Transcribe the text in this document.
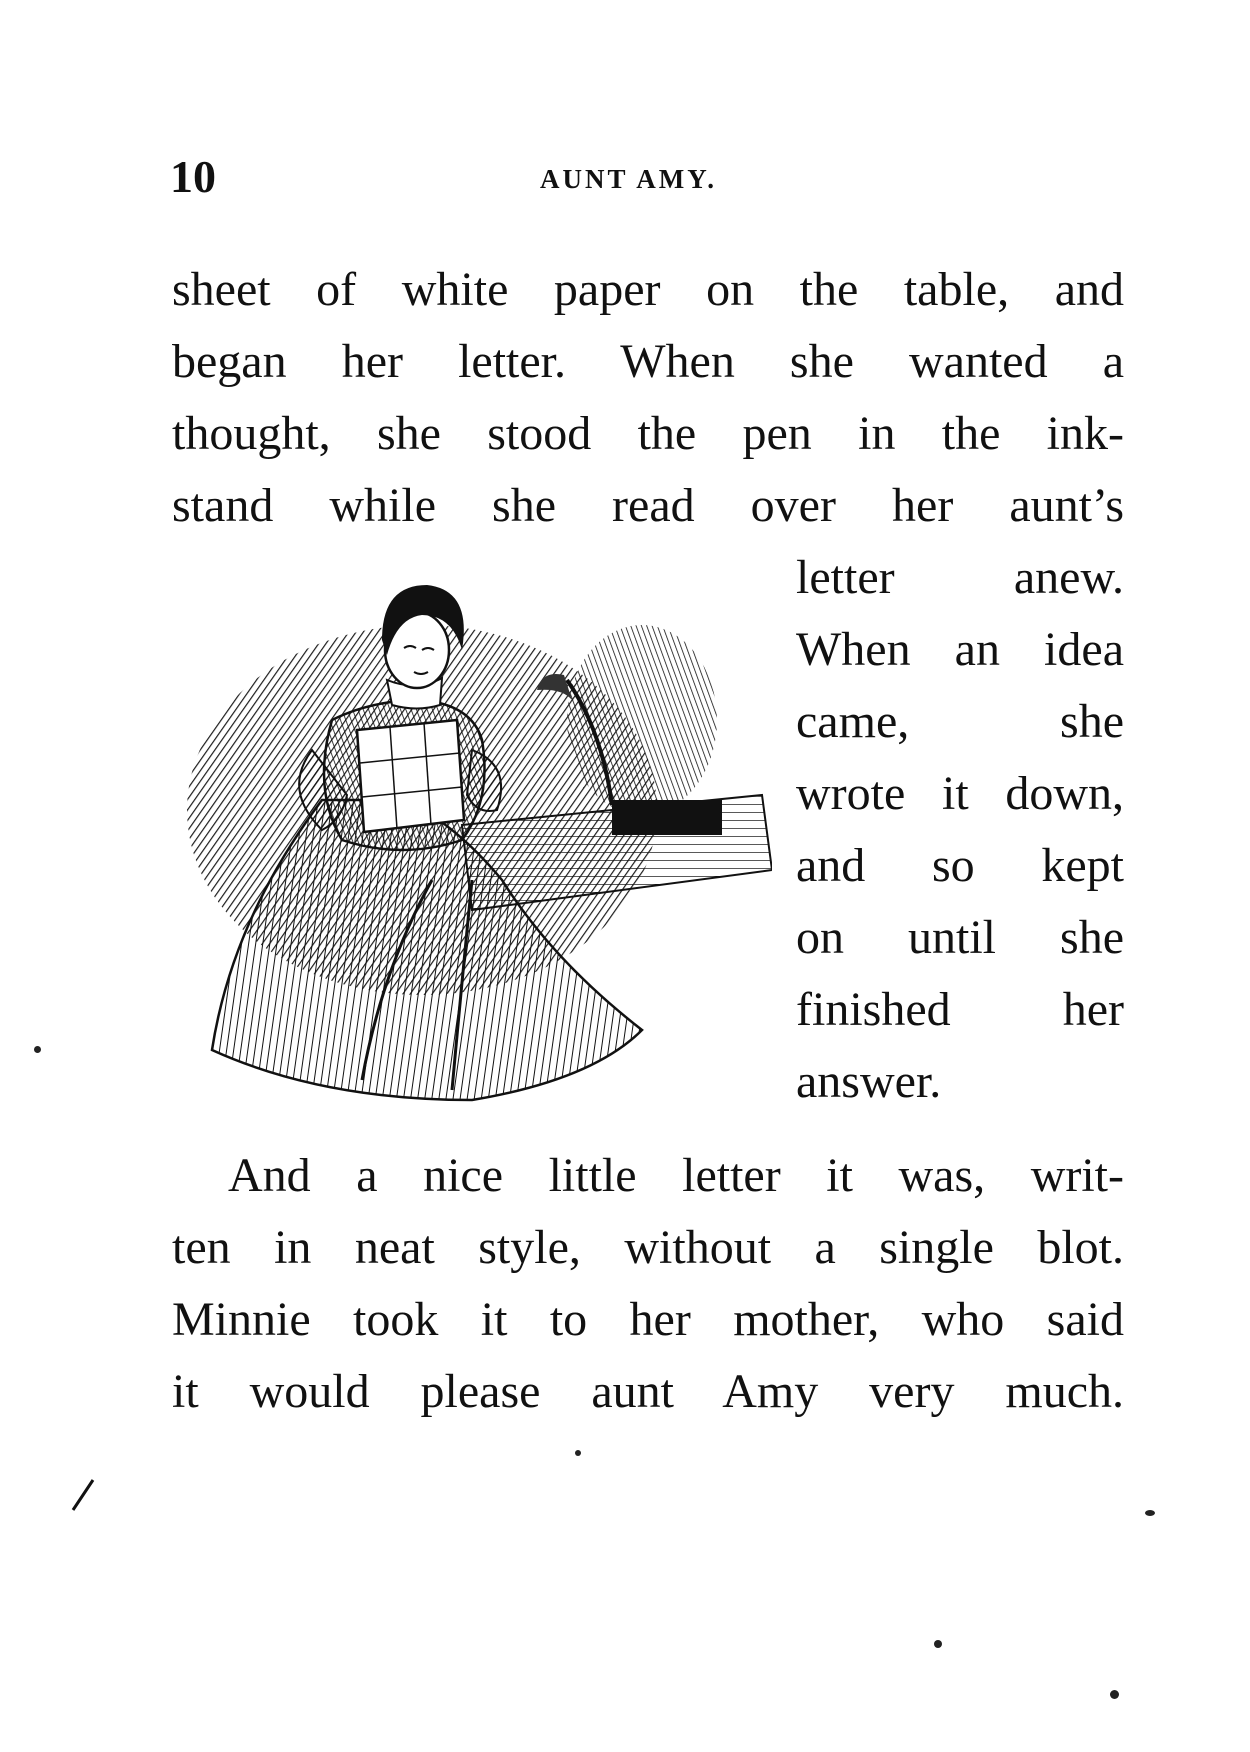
10	AUNT AMY.
sheet of white paper on the table, and
began her letter. When she wanted a
thought, she stood the pen in the ink-
stand while she read over her aunt’s
letter anew.
When an idea
came, she
wrote it down,
and so kept
on until she
finished her
answer.
And a nice little letter it was, writ-
ten in neat style, without a single blot.
Minnie took it to her mother, who said
it would please aunt Amy very much.
